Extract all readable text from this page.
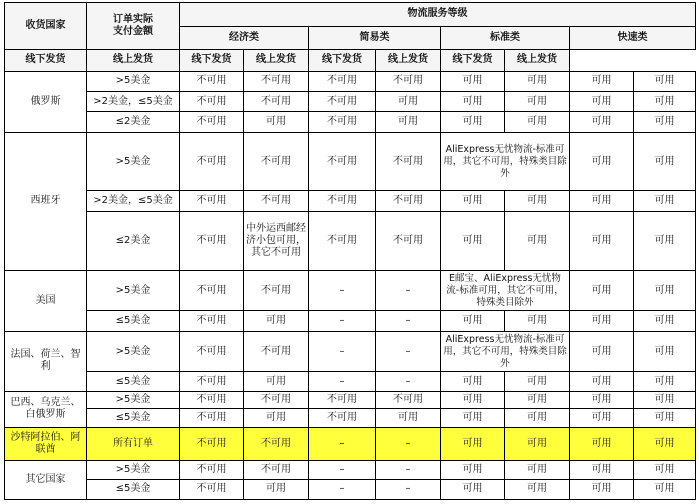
收货国家	订单实际
支付金额	物流服务等级							
		经济类		简易类		标准类		快速类	
线下发货	线上发货	线下发货	线上发货	线下发货	线上发货	线下发货	线上发货		
俄罗斯	>5美金	不可用	不可用	不可用	不可用	可用	可用	可用	可用
	>2美金，≤5美金	不可用	不可用	不可用	可用	可用	可用	可用	可用
	≤2美金	不可用	可用	不可用	可用	可用	可用	可用	可用
西班牙	>5美金	不可用	不可用	不可用	不可用	AliExpress无忧物流-标准可用，其它不可用，特殊类目除外		可用	可用
	>2美金，≤5美金	不可用	不可用	不可用	不可用	可用	可用	可用	可用
	≤2美金	不可用	中外运西邮经济小包可用，其它不可用	不可用	不可用	可用	可用	可用	可用
美国	>5美金	不可用	不可用	–	–	E邮宝、AliExpress无忧物流-标准可用，其它不可用，特殊类目除外		可用	可用
	≤5美金	不可用	可用	–	–	可用	可用	可用	可用
法国、荷兰、智利	>5美金	不可用	不可用	–	–	AliExpress无忧物流-标准可用，其它不可用，特殊类目除外		可用	可用
	≤5美金	不可用	可用	–	–	可用	可用	可用	可用
巴西、乌克兰、白俄罗斯	>5美金	不可用	不可用	不可用	不可用	可用	可用	可用	可用
	≤5美金	不可用	可用	不可用	可用	可用	可用	可用	可用
沙特阿拉伯、阿联酋	所有订单	不可用	不可用	–	–	可用	可用	可用	可用
其它国家	>5美金	不可用	不可用	–	–	可用	可用	可用	可用
	≤5美金	不可用	可用	–	–	可用	可用	可用	可用
